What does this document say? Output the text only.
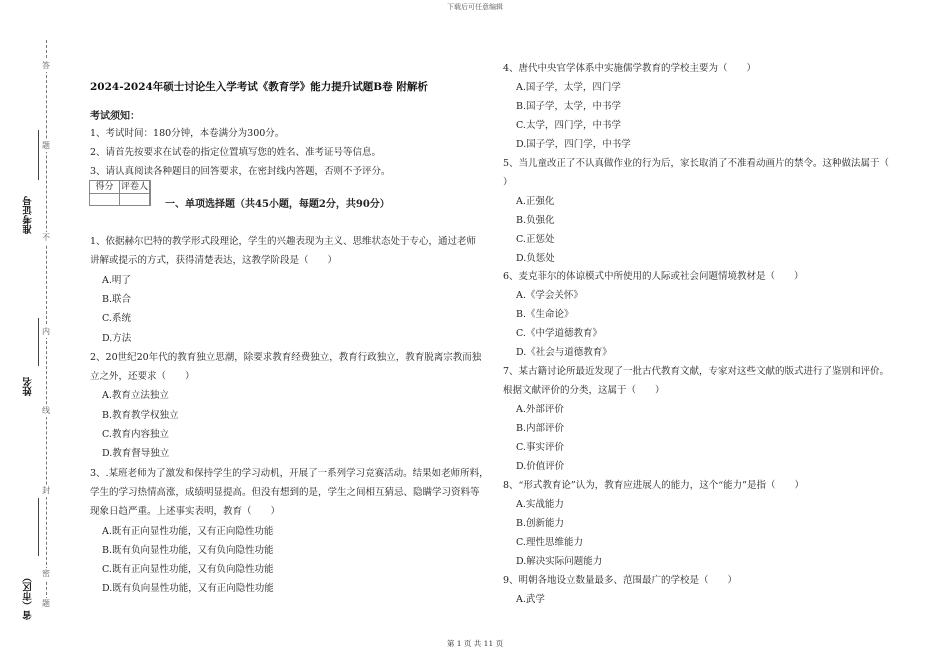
下载后可任意编辑
答
题
不
内
线
封
密
题
准考证号
姓名
省（市区）
2024-2024年硕士讨论生入学考试《教育学》能力提升试题B卷 附解析
考试须知：
1、考试时间：180分钟，本卷满分为300分。
2、请首先按要求在试卷的指定位置填写您的姓名、准考证号等信息。
3、请认真阅读各种题目的回答要求，在密封线内答题，否则不予评分。
得分 评卷人
一、单项选择题（共45小题，每题2分，共90分）
1、依据赫尔巴特的教学形式段理论，学生的兴趣表现为主义、思维状态处于专心，通过老师
讲解或提示的方式，获得清楚表达，这教学阶段是（　　）
A.明了
B.联合
C.系统
D.方法
2、20世纪20年代的教育独立思潮，除要求教育经费独立，教育行政独立，教育脱离宗教而独
立之外，还要求（　　）
A.教育立法独立
B.教育教学权独立
C.教育内容独立
D.教育督导独立
3、.某班老师为了激发和保持学生的学习动机，开展了一系列学习竞赛活动。结果如老师所料，
学生的学习热情高涨，成绩明显提高。但没有想到的是，学生之间相互猜忌、隐瞒学习资料等
现象日趋严重。上述事实表明，教育（　　）
A.既有正向显性功能，又有正向隐性功能
B.既有负向显性功能，又有负向隐性功能
C.既有正向显性功能，又有负向隐性功能
D.既有负向显性功能，又有正向隐性功能
4、唐代中央官学体系中实施儒学教育的学校主要为（　　）
A.国子学，太学，四门学
B.国子学，太学，中书学
C.太学，四门学，中书学
D.国子学，四门学，中书学
5、当儿童改正了不认真做作业的行为后，家长取消了不准看动画片的禁令。这种做法属于（
）
A.正强化
B.负强化
C.正惩处
D.负惩处
6、麦克菲尔的体谅模式中所使用的人际或社会问题情境教材是（　　）
A.《学会关怀》
B.《生命论》
C.《中学道德教育》
D.《社会与道德教育》
7、某古籍讨论所最近发现了一批古代教育文献，专家对这些文献的版式进行了鉴别和评价。
根据文献评价的分类，这属于（　　）
A.外部评价
B.内部评价
C.事实评价
D.价值评价
8、“形式教育论”认为，教育应进展人的能力，这个“能力”是指（　　）
A.实战能力
B.创新能力
C.理性思维能力
D.解决实际问题能力
9、明朝各地设立数量最多、范围最广的学校是（　　）
A.武学
第 1 页 共 11 页
